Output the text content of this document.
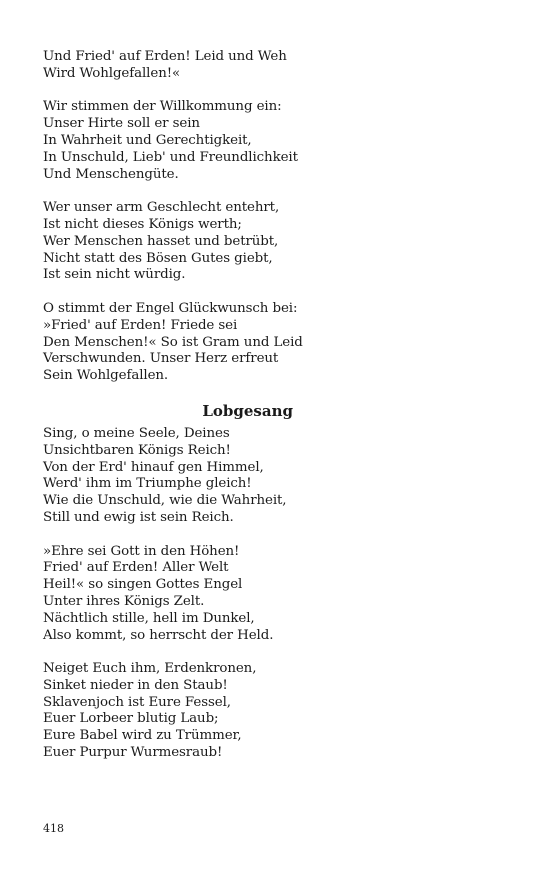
Und Fried' auf Erden! Leid und Weh
Wird Wohlgefallen!«
Wir stimmen der Willkommung ein:
Unser Hirte soll er sein
In Wahrheit und Gerechtigkeit,
In Unschuld, Lieb' und Freundlichkeit
Und Menschengüte.
Wer unser arm Geschlecht entehrt,
Ist nicht dieses Königs werth;
Wer Menschen hasset und betrübt,
Nicht statt des Bösen Gutes giebt,
Ist sein nicht würdig.
O stimmt der Engel Glückwunsch bei:
»Fried' auf Erden! Friede sei
Den Menschen!« So ist Gram und Leid
Verschwunden. Unser Herz erfreut
Sein Wohlgefallen.
Lobgesang
Sing, o meine Seele, Deines
Unsichtbaren Königs Reich!
Von der Erd' hinauf gen Himmel,
Werd' ihm im Triumphe gleich!
Wie die Unschuld, wie die Wahrheit,
Still und ewig ist sein Reich.
»Ehre sei Gott in den Höhen!
Fried' auf Erden! Aller Welt
Heil!« so singen Gottes Engel
Unter ihres Königs Zelt.
Nächtlich stille, hell im Dunkel,
Also kommt, so herrscht der Held.
Neiget Euch ihm, Erdenkronen,
Sinket nieder in den Staub!
Sklavenjoch ist Eure Fessel,
Euer Lorbeer blutig Laub;
Eure Babel wird zu Trümmer,
Euer Purpur Wurmesraub!
418
